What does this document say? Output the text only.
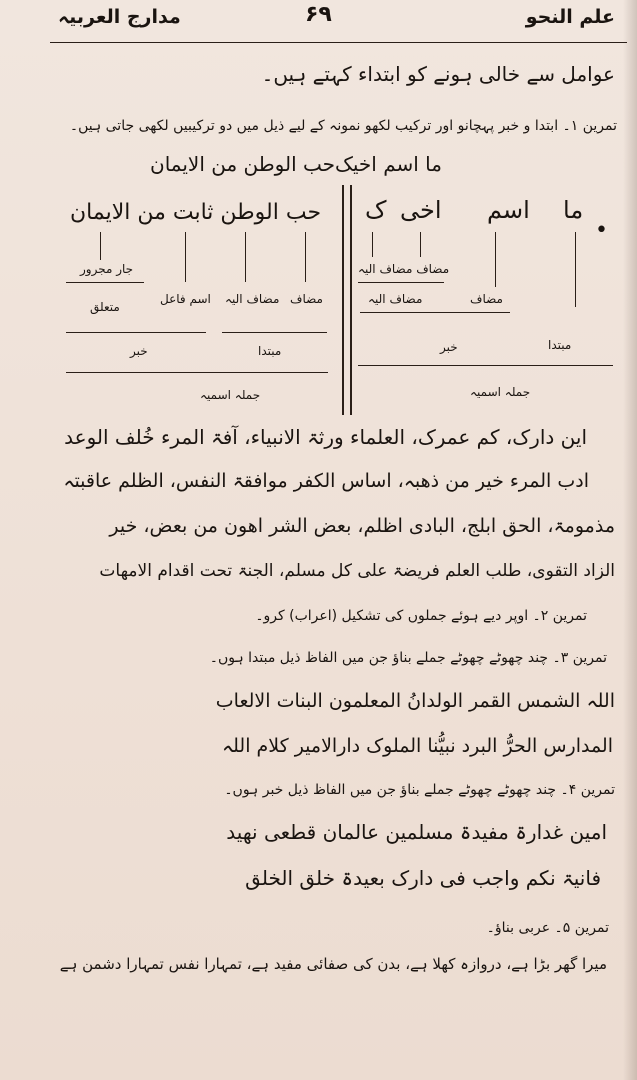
علم النحو
۶۹
مدارج العربیہ
عوامل سے خالی ہونے کو ابتداء کہتے ہیں۔
تمرین ۱۔ ابتدا و خبر پہچانو اور ترکیب لکھو نمونہ کے لیے ذیل میں دو ترکیبیں لکھی جاتی ہیں۔
ما اسم اخیک
حب الوطن من الایمان
ما
اسم
اخی
ک
•
مضاف مضاف الیہ
مضاف
مضاف الیہ
مبتدا
خبر
جملہ اسمیہ
حب الوطن ثابت من الایمان
جار مجرور
مضاف
مضاف الیہ
اسم فاعل
متعلق
مبتدا
خبر
جملہ اسمیہ
این دارک، کم عمرک، العلماء ورثۃ الانبیاء، آفۃ المرء خُلف الوعد
ادب المرء خیر من ذھبہ، اساس الکفر موافقۃ النفس، الظلم عاقبتہ
مذمومۃ، الحق ابلج، البادی اظلم، بعض الشر اھون من بعض، خیر
الزاد التقوی، طلب العلم فریضۃ علی کل مسلم، الجنۃ تحت اقدام الامھات
تمرین ۲۔ اوپر دیے ہوئے جملوں کی تشکیل (اعراب) کرو۔
تمرین ۳۔ چند چھوٹے چھوٹے جملے بناؤ جن میں الفاظ ذیل مبتدا ہوں۔
اللہ الشمس القمر الولدانُ المعلمون البنات الالعاب
المدارس الحرُّ البرد نبیُّنا الملوک دارالامیر کلام اللہ
تمرین ۴۔ چند چھوٹے چھوٹے جملے بناؤ جن میں الفاظ ذیل خبر ہوں۔
امین غدارۃ مفیدۃ مسلمین عالمان قطعی نھید
فانیۃ نکم واجب فی دارک بعیدۃ خلق الخلق
تمرین ۵۔ عربی بناؤ۔
میرا گھر بڑا ہے، دروازہ کھلا ہے، بدن کی صفائی مفید ہے، تمہارا نفس تمہارا دشمن ہے
